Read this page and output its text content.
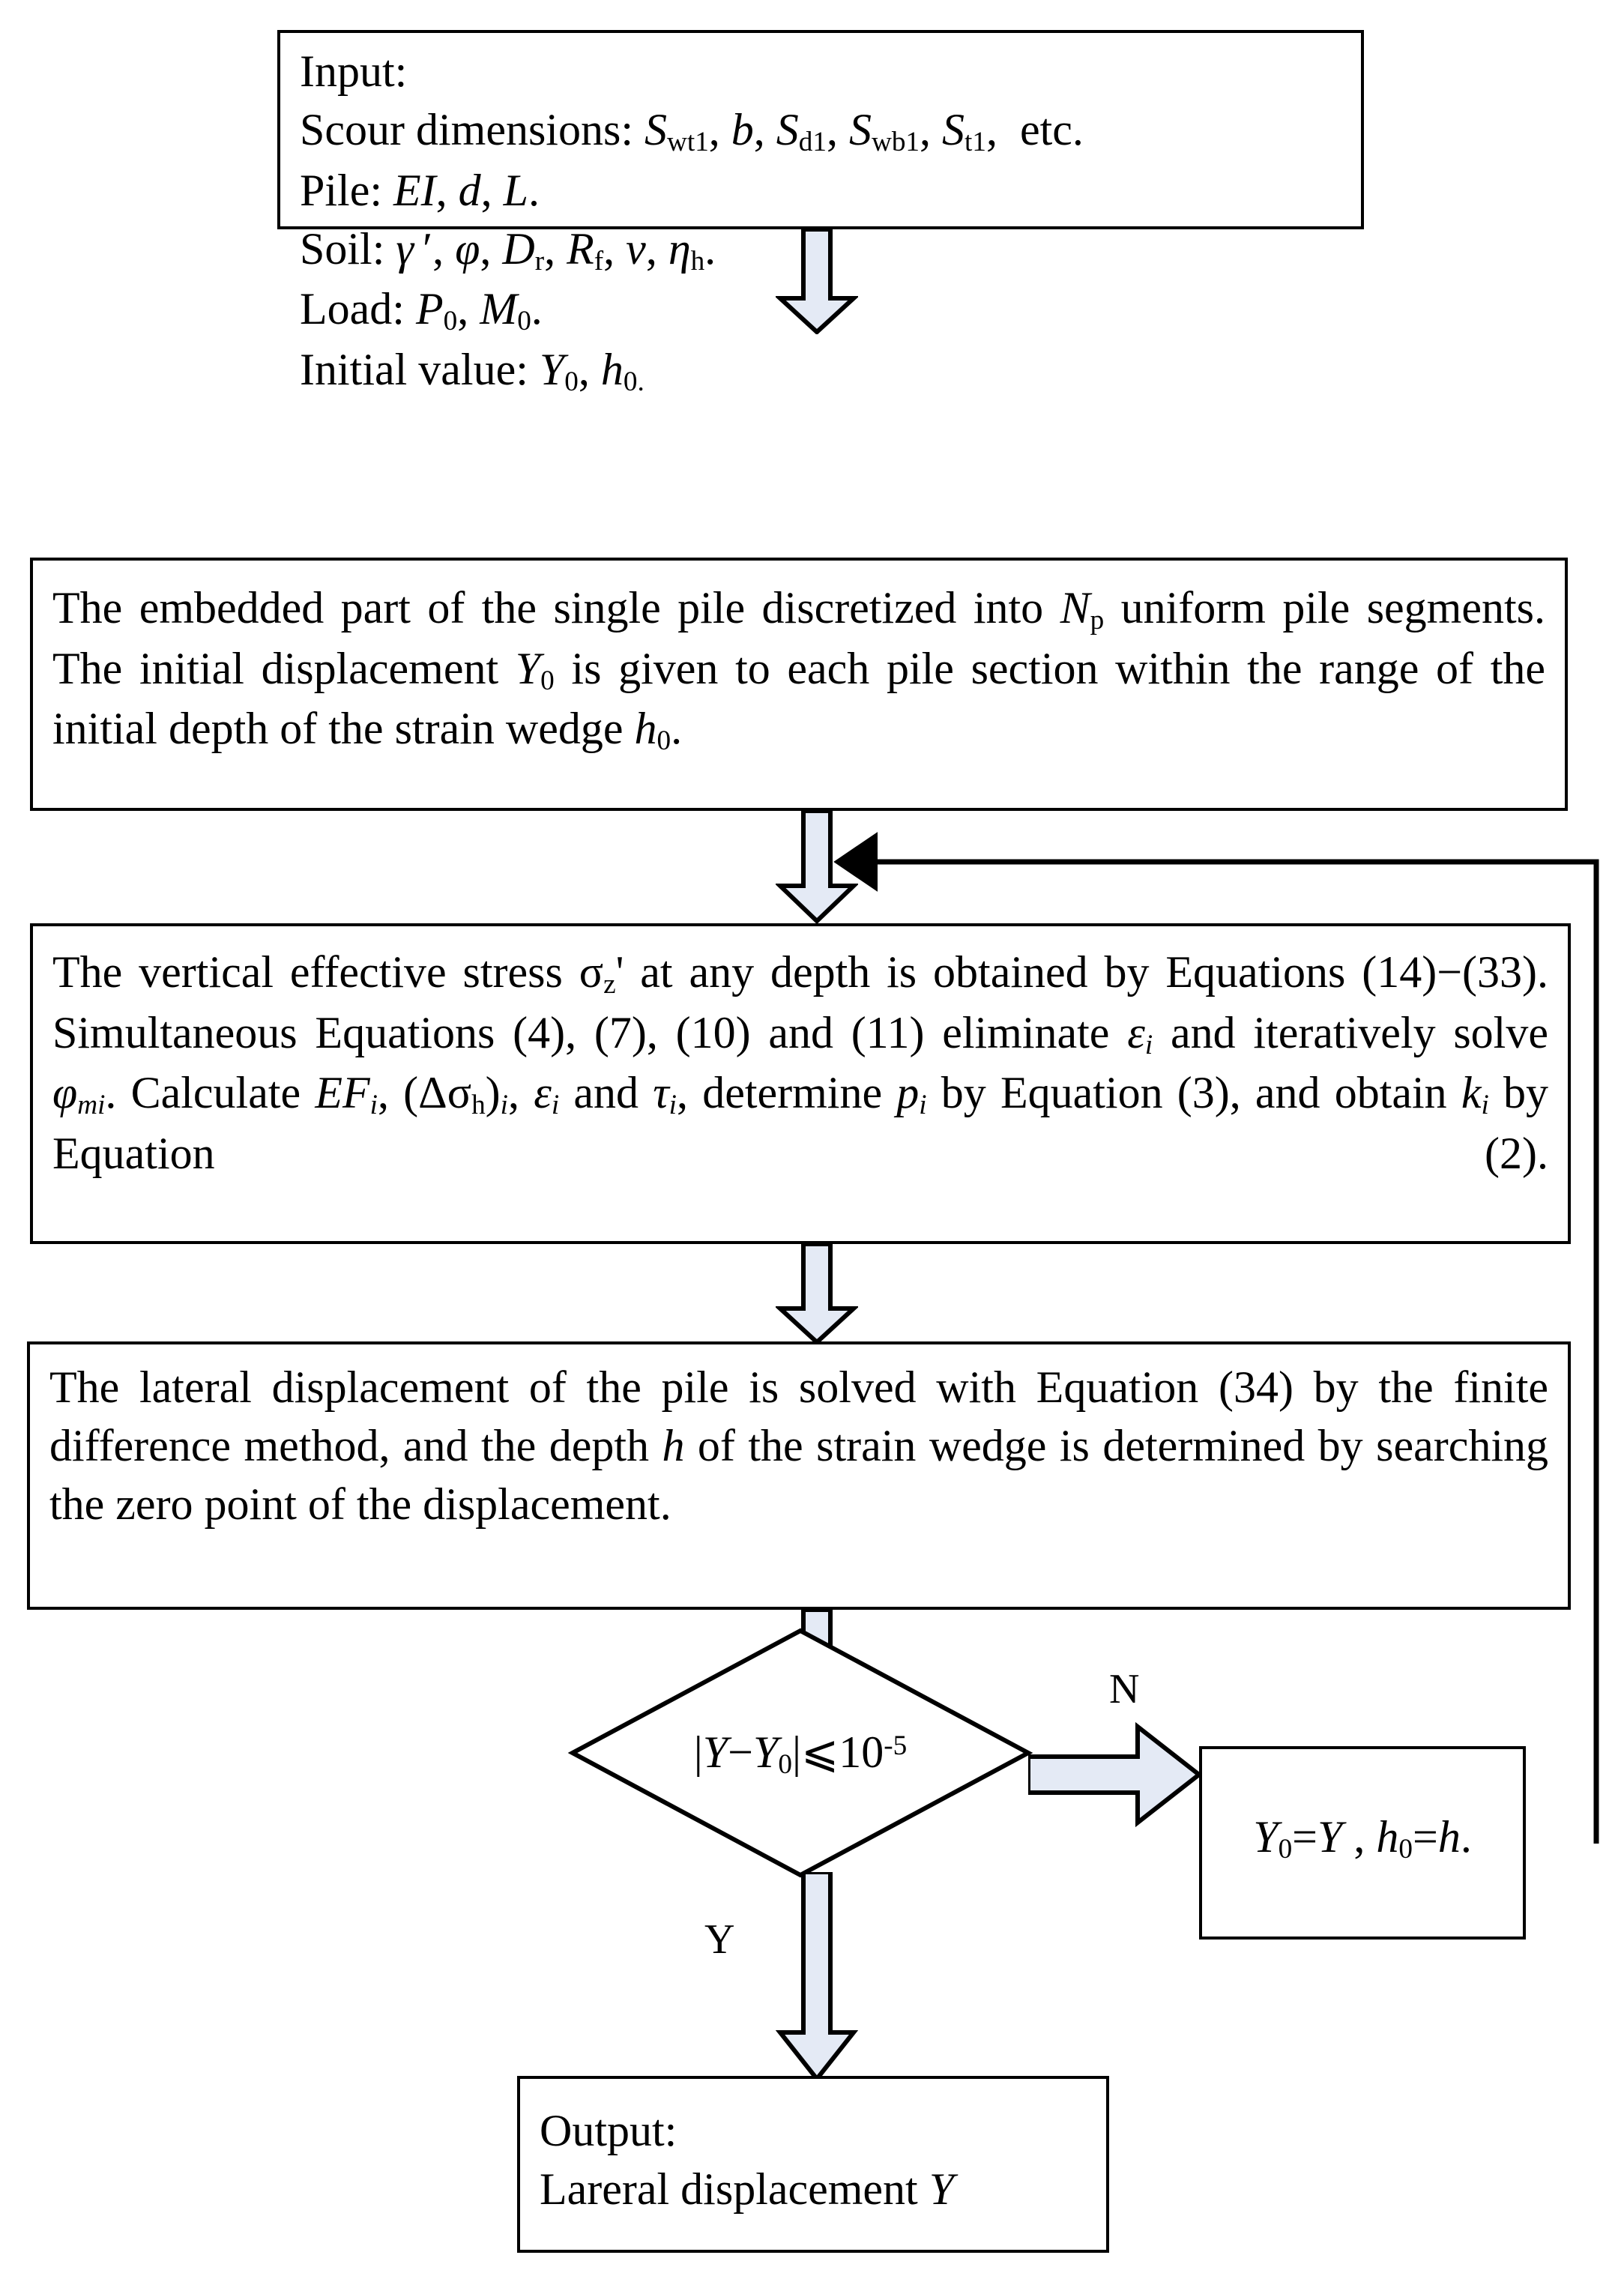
Input:
Scour dimensions: $S_{wt1}$, b, $S_{d1}$, $S_{wb1}$, $S_{t1}$,  etc.
Pile: EI, d, L.
Soil: γ ′, φ, $D_r$, $R_f$, v, $\eta_h$.
Load: $P_0$, $M_0$.
Initial value: $Y_0$, $h_{0.}$
The embedded part of the single pile discretized into $N_p$ uniform pile segments. The initial displacement $Y_0$ is given to each pile section within the range of the initial depth of the strain wedge $h_0$.
The vertical effective stress $\sigma_z'$ at any depth is obtained by Equations (14)−(33). Simultaneous Equations (4), (7), (10) and (11) eliminate $\varepsilon_i$ and iteratively solve $\varphi_{mi}$. Calculate $EF_i$, $(\Delta\sigma_h)_i$, $\varepsilon_i$ and $\tau_i$, determine $p_i$ by Equation (3), and obtain $k_i$ by Equation (2).
The lateral displacement of the pile is solved with Equation (34) by the finite difference method, and the depth h of the strain wedge is determined by searching the zero point of the displacement.
$|Y-Y_0|⩽10^{-5}$
N
$Y_0=Y$ , $h_0=h$.
Y
Output:
Lareral displacement Y
